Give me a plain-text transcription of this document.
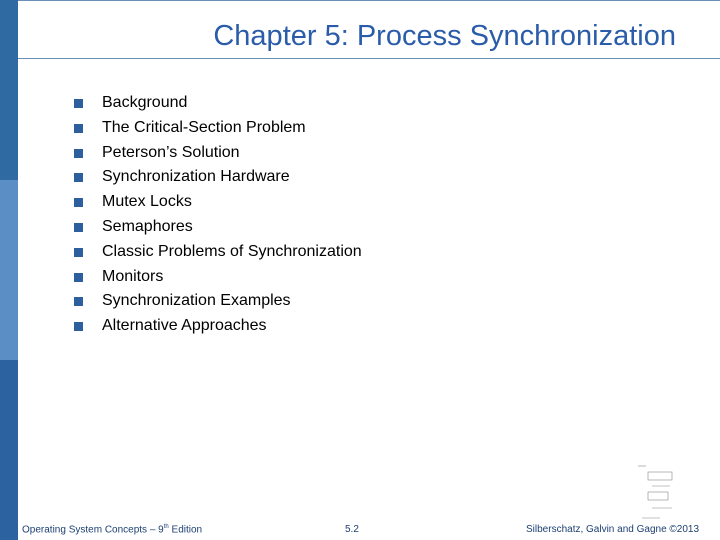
Chapter 5: Process Synchronization
Background
The Critical-Section Problem
Peterson’s Solution
Synchronization Hardware
Mutex Locks
Semaphores
Classic Problems of Synchronization
Monitors
Synchronization Examples
Alternative Approaches
Operating System Concepts – 9th Edition	5.2	Silberschatz, Galvin and Gagne ©2013
